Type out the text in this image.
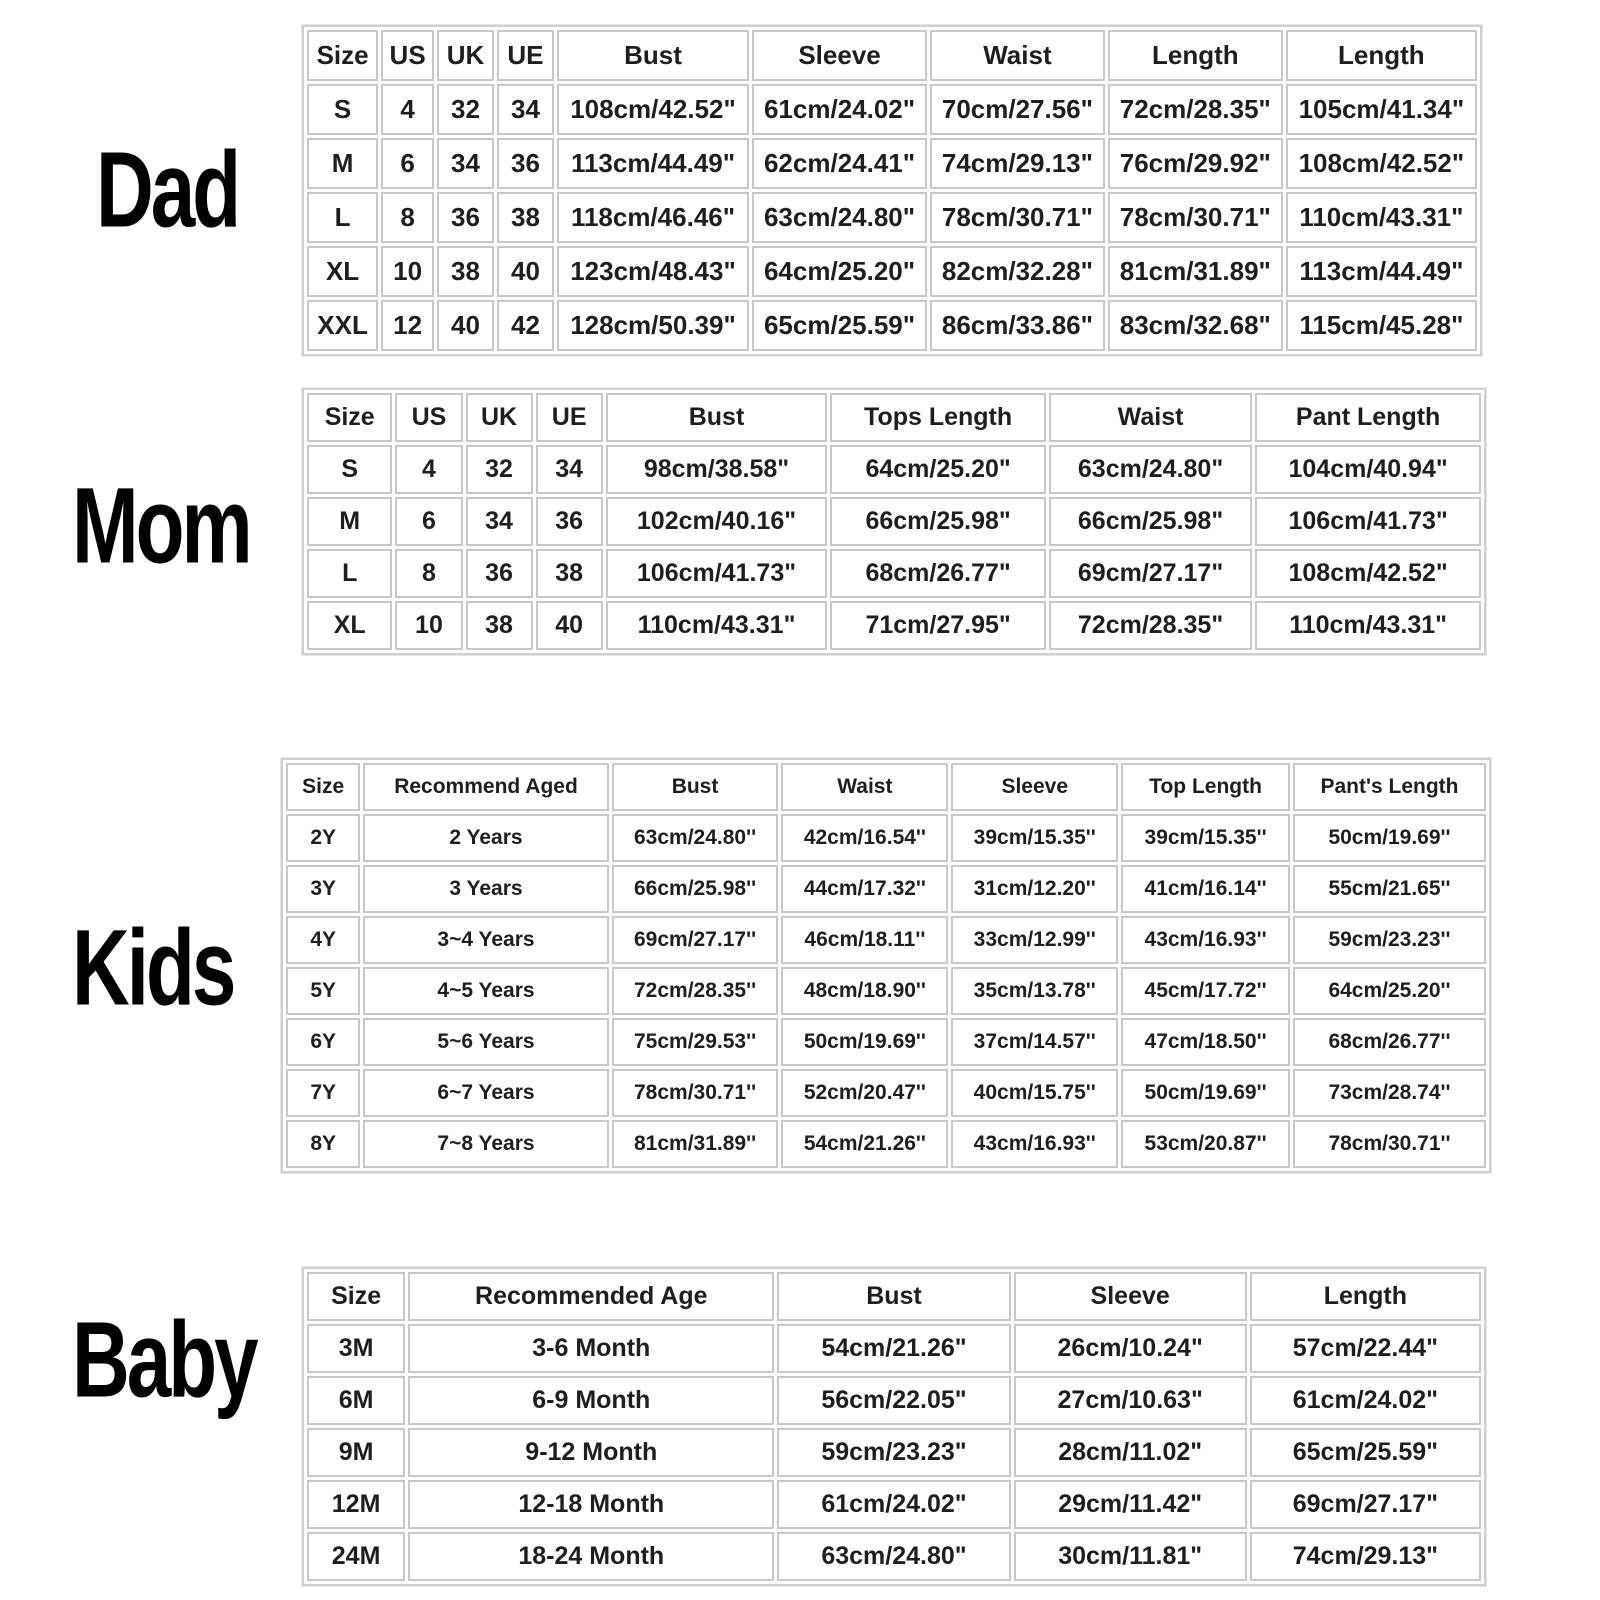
Dad
Size	US	UK	UE	Bust	Sleeve	Waist	Length	Length
S	4	32	34	108cm/42.52"	61cm/24.02"	70cm/27.56"	72cm/28.35"	105cm/41.34"
M	6	34	36	113cm/44.49"	62cm/24.41"	74cm/29.13"	76cm/29.92"	108cm/42.52"
L	8	36	38	118cm/46.46"	63cm/24.80"	78cm/30.71"	78cm/30.71"	110cm/43.31"
XL	10	38	40	123cm/48.43"	64cm/25.20"	82cm/32.28"	81cm/31.89"	113cm/44.49"
XXL	12	40	42	128cm/50.39"	65cm/25.59"	86cm/33.86"	83cm/32.68"	115cm/45.28"
Mom
Size	US	UK	UE	Bust	Tops Length	Waist	Pant Length
S	4	32	34	98cm/38.58"	64cm/25.20"	63cm/24.80"	104cm/40.94"
M	6	34	36	102cm/40.16"	66cm/25.98"	66cm/25.98"	106cm/41.73"
L	8	36	38	106cm/41.73"	68cm/26.77"	69cm/27.17"	108cm/42.52"
XL	10	38	40	110cm/43.31"	71cm/27.95"	72cm/28.35"	110cm/43.31"
Kids
Size	Recommend Aged	Bust	Waist	Sleeve	Top Length	Pant's Length
2Y	2 Years	63cm/24.80''	42cm/16.54''	39cm/15.35''	39cm/15.35''	50cm/19.69''
3Y	3 Years	66cm/25.98''	44cm/17.32''	31cm/12.20''	41cm/16.14''	55cm/21.65''
4Y	3~4 Years	69cm/27.17''	46cm/18.11''	33cm/12.99''	43cm/16.93''	59cm/23.23''
5Y	4~5 Years	72cm/28.35''	48cm/18.90''	35cm/13.78''	45cm/17.72''	64cm/25.20''
6Y	5~6 Years	75cm/29.53''	50cm/19.69''	37cm/14.57''	47cm/18.50''	68cm/26.77''
7Y	6~7 Years	78cm/30.71''	52cm/20.47''	40cm/15.75''	50cm/19.69''	73cm/28.74''
8Y	7~8 Years	81cm/31.89''	54cm/21.26''	43cm/16.93''	53cm/20.87''	78cm/30.71''
Baby
Size	Recommended Age	Bust	Sleeve	Length
3M	3-6 Month	54cm/21.26"	26cm/10.24"	57cm/22.44"
6M	6-9 Month	56cm/22.05"	27cm/10.63"	61cm/24.02"
9M	9-12 Month	59cm/23.23"	28cm/11.02"	65cm/25.59"
12M	12-18 Month	61cm/24.02"	29cm/11.42"	69cm/27.17"
24M	18-24 Month	63cm/24.80"	30cm/11.81"	74cm/29.13"
